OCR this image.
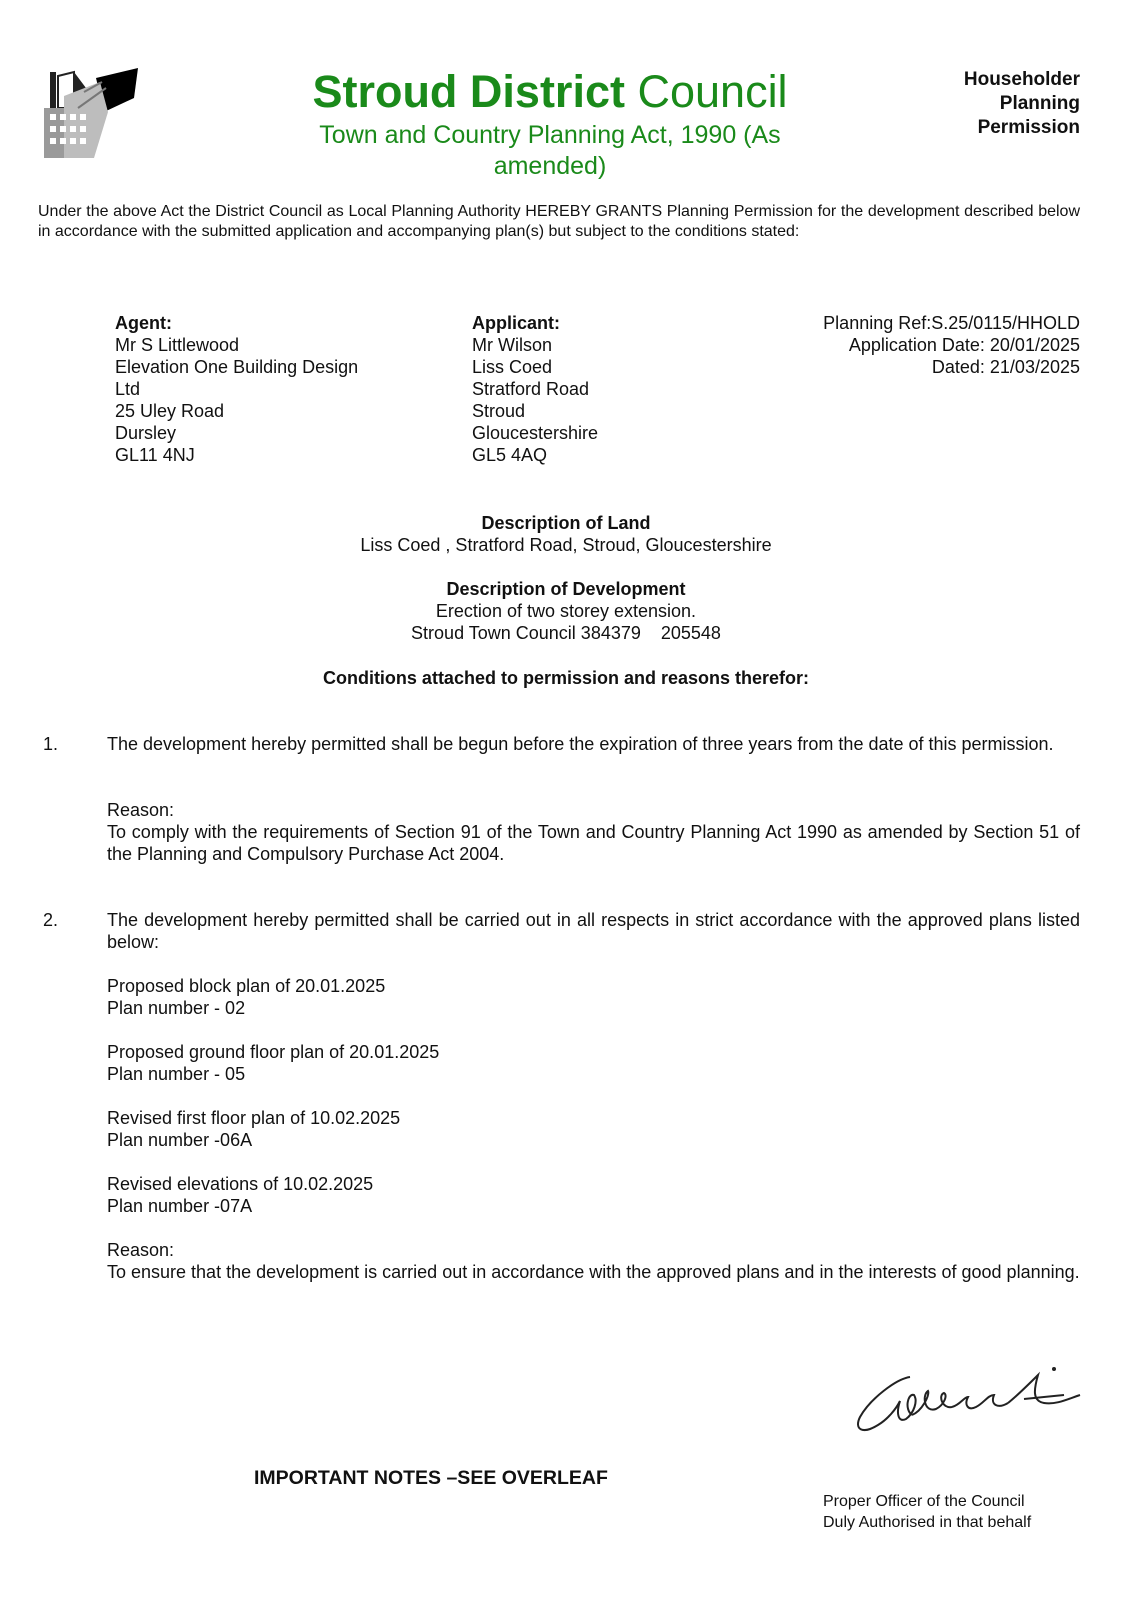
Stroud District Council
Town and Country Planning Act, 1990 (As
amended)
Householder
Planning
Permission
Under the above Act the District Council as Local Planning Authority HEREBY GRANTS Planning Permission for the development described below in accordance with the submitted application and accompanying plan(s) but subject to the conditions stated:
Agent:
Mr S Littlewood
Elevation One Building Design
Ltd
25 Uley Road
Dursley
GL11 4NJ
Applicant:
Mr Wilson
Liss Coed
Stratford Road
Stroud
Gloucestershire
GL5 4AQ
Planning Ref:S.25/0115/HHOLD
Application Date: 20/01/2025
Dated: 21/03/2025
Description of Land
Liss Coed , Stratford Road, Stroud, Gloucestershire
Description of Development
Erection of two storey extension.
Stroud Town Council 384379    205548
Conditions attached to permission and reasons therefor:
1.	The development hereby permitted shall be begun before the expiration of three years from the date of this permission.
Reason:
To comply with the requirements of Section 91 of the Town and Country Planning Act 1990 as amended by Section 51 of the Planning and Compulsory Purchase Act 2004.
2.	The development hereby permitted shall be carried out in all respects in strict accordance with the approved plans listed below:
Proposed block plan of 20.01.2025
Plan number - 02
Proposed ground floor plan of 20.01.2025
Plan number - 05
Revised first floor plan of 10.02.2025
Plan number -06A
Revised elevations of 10.02.2025
Plan number -07A
Reason:
To ensure that the development is carried out in accordance with the approved plans and in the interests of good planning.
IMPORTANT NOTES –SEE OVERLEAF
Proper Officer of the Council
Duly Authorised in that behalf
